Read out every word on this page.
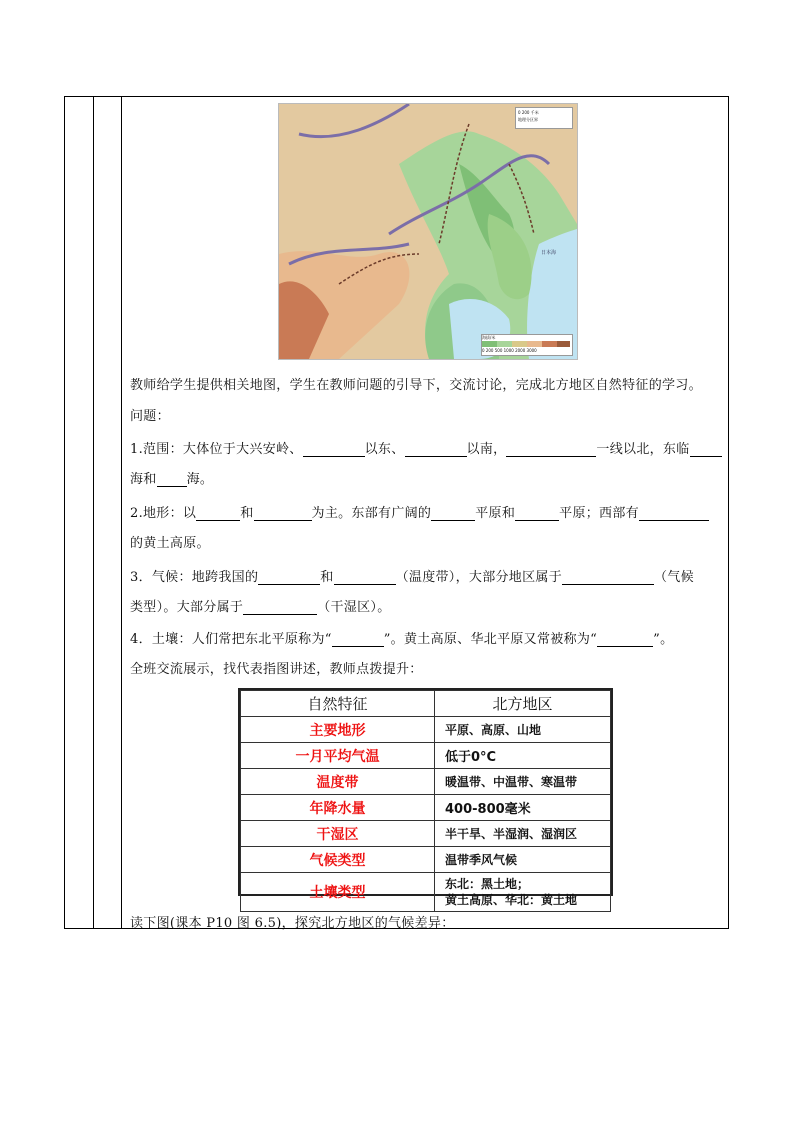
日本海
0 200 千米
地理分区界
海拔/米
0 200 500 1000 2000 3000
教师给学生提供相关地图，学生在教师问题的引导下，交流讨论，完成北方地区自然特征的学习。
问题：
1.范围：大体位于大兴安岭、	以东、	以南，	一线以北，东临
海和 海。
2.地形：以	和	为主。东部有广阔的	平原和	平原；西部有
的黄土高原。
3．气候：地跨我国的	和	（温度带），大部分地区属于	（气候
类型）。大部分属于	（干湿区）。
4．土壤：人们常把东北平原称为“	”。黄土高原、华北平原又常被称为“	”。
全班交流展示，找代表指图讲述，教师点拨提升：
自然特征	北方地区
主要地形	平原、高原、山地
一月平均气温	低于0°C
温度带	暖温带、中温带、寒温带
年降水量	400-800毫米
干湿区	半干旱、半湿润、湿润区
气候类型	温带季风气候
土壤类型	东北：黑土地；
黄土高原、华北：黄土地
读下图(课本 P10 图 6.5)，探究北方地区的气候差异：
